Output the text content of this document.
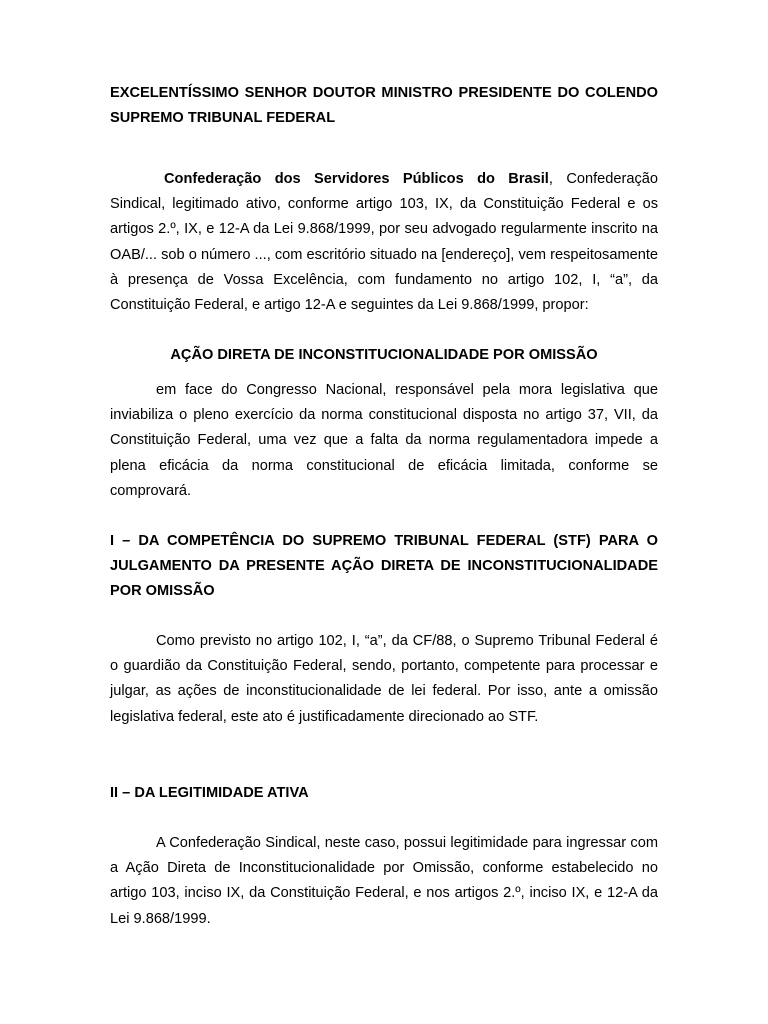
EXCELENTÍSSIMO SENHOR DOUTOR MINISTRO PRESIDENTE DO COLENDO SUPREMO TRIBUNAL FEDERAL

Confederação dos Servidores Públicos do Brasil, Confederação Sindical, legitimado ativo, conforme artigo 103, IX, da Constituição Federal e os artigos 2.º, IX, e 12-A da Lei 9.868/1999, por seu advogado regularmente inscrito na OAB/... sob o número ..., com escritório situado na [endereço], vem respeitosamente à presença de Vossa Excelência, com fundamento no artigo 102, I, “a”, da Constituição Federal, e artigo 12-A e seguintes da Lei 9.868/1999, propor:

AÇÃO DIRETA DE INCONSTITUCIONALIDADE POR OMISSÃO

em face do Congresso Nacional, responsável pela mora legislativa que inviabiliza o pleno exercício da norma constitucional disposta no artigo 37, VII, da Constituição Federal, uma vez que a falta da norma regulamentadora impede a plena eficácia da norma constitucional de eficácia limitada, conforme se comprovará.

I – DA COMPETÊNCIA DO SUPREMO TRIBUNAL FEDERAL (STF) PARA O JULGAMENTO DA PRESENTE AÇÃO DIRETA DE INCONSTITUCIONALIDADE POR OMISSÃO

Como previsto no artigo 102, I, “a”, da CF/88, o Supremo Tribunal Federal é o guardião da Constituição Federal, sendo, portanto, competente para processar e julgar, as ações de inconstitucionalidade de lei federal. Por isso, ante a omissão legislativa federal, este ato é justificadamente direcionado ao STF.

II – DA LEGITIMIDADE ATIVA

A Confederação Sindical, neste caso, possui legitimidade para ingressar com a Ação Direta de Inconstitucionalidade por Omissão, conforme estabelecido no artigo 103, inciso IX, da Constituição Federal, e nos artigos 2.º, inciso IX, e 12-A da Lei 9.868/1999.
